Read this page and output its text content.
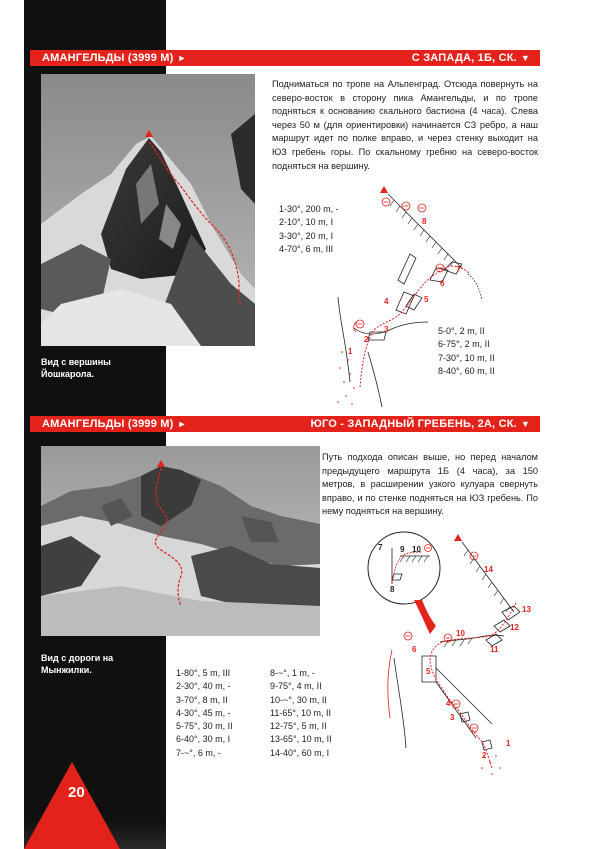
АМАНГЕЛЬДЫ (3999 М) ►	С ЗАПАДА, 1Б, СК. ▼
Вид с вершины
Йошкарола.
Подниматься по тропе на Альпенград. Отсюда повернуть на северо-восток в сторону пика Амангельды, и по тропе подняться к основанию скального бастиона (4 часа). Слева через 50 м (для ориентировки) начинается СЗ ребро, а наш маршрут идет по полке вправо, и через стенку выходит на ЮЗ гребень горы. По скальному гребню на северо-восток подняться на вершину.
1-30°, 200 m, -
2-10°, 10 m, I
3-30°, 20 m, I
4-70°, 6 m, III
5-0°, 2 m, II
6-75°, 2 m, II
7-30°, 10 m, II
8-40°, 60 m, II
1
2
3
4	5
6
7
8
АМАНГЕЛЬДЫ (3999 М) ►	ЮГО - ЗАПАДНЫЙ ГРЕБЕНЬ, 2А, СК. ▼
Вид с дороги на
Мынжилки.
Путь подхода описан выше, но перед началом предыдущего маршрута 1Б (4 часа), за 150 метров, в расширении узкого кулуара свернуть вправо, и по стенке подняться на ЮЗ гребень. По нему подняться на вершину.
1-80°, 5 m, III
2-30°, 40 m, -
3-70°, 8 m, II
4-30°, 45 m, -
5-75°, 30 m, II
6-40°, 30 m, I
7-~°, 6 m, -
8-~°, 1 m, -
9-75°, 4 m, II
10-~°, 30 m, II
11-65°, 10 m, II
12-75°, 5 m, II
13-65°, 10 m, II
14-40°, 60 m, I
7 9 10
8
1
2
3
4
5
6
10
11
12
13
14
20
